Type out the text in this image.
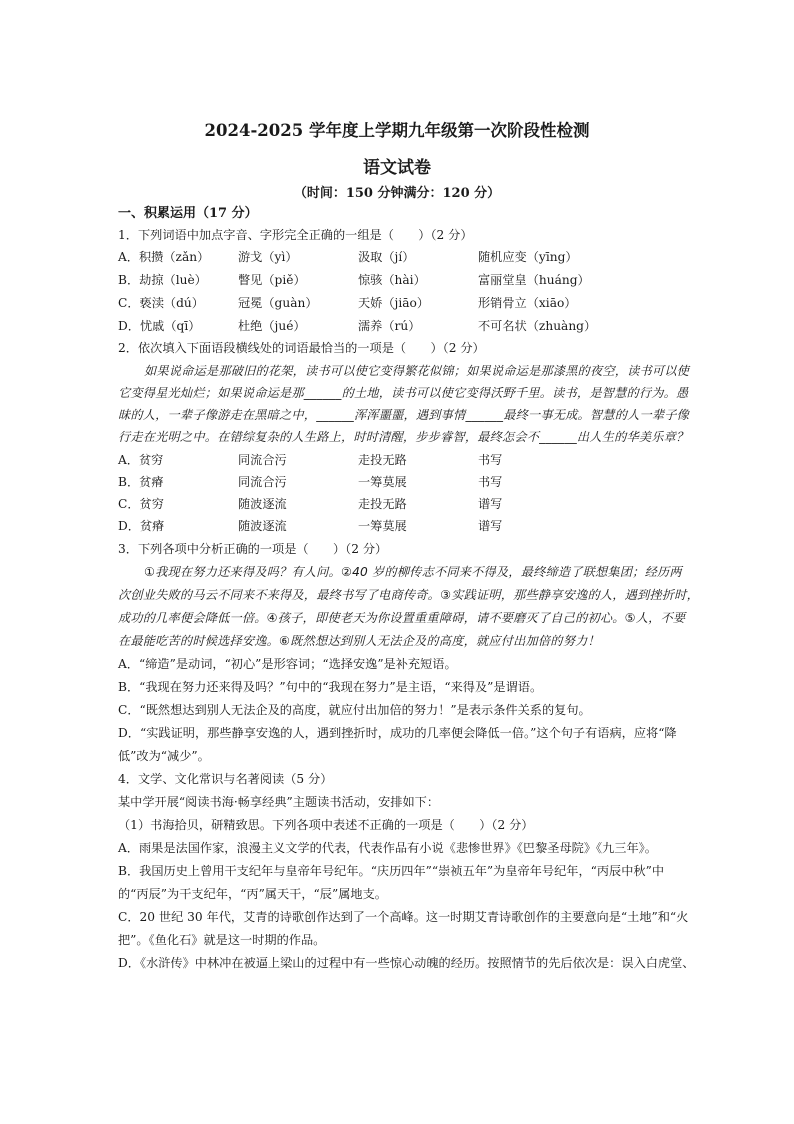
2024-2025 学年度上学期九年级第一次阶段性检测
语文试卷
（时间：150 分钟满分：120 分）
一、积累运用（17 分）
1．下列词语中加点字音、字形完全正确的一组是（　　）（2 分）
A．积攒（zǎn） 游戈（yì）	汲取（jí）	随机应变（yīng）
B．劫掠（luè）	瞥见（piě）	惊骇（hài）	富丽堂皇（huáng）
C．亵渎（dú）	冠冕（guàn）	天娇（jiāo）	形销骨立（xiāo）
D．忧戚（qī）	杜绝（jué）	濡养（rú）	不可名状（zhuàng）
2．依次填入下面语段横线处的词语最恰当的一项是（　　）（2 分）
如果说命运是那破旧的花架，读书可以使它变得繁花似锦；如果说命运是那漆黑的夜空，读书可以使
它变得星光灿烂；如果说命运是那______的土地，读书可以使它变得沃野千里。读书，是智慧的行为。愚
昧的人，一辈子像游走在黑暗之中，______浑浑噩噩，遇到事情______最终一事无成。智慧的人一辈子像
行走在光明之中。在错综复杂的人生路上，时时清醒，步步睿智，最终怎会不______出人生的华美乐章？
A．贫穷	同流合污	走投无路	书写
B．贫瘠	同流合污	一筹莫展	书写
C．贫穷	随波逐流	走投无路	谱写
D．贫瘠	随波逐流	一筹莫展	谱写
3．下列各项中分析正确的一项是（　　）（2 分）
①我现在努力还来得及吗？有人问。②40 岁的柳传志不同来不得及，最终缔造了联想集团；经历两
次创业失败的马云不同来不来得及，最终书写了电商传奇。③实践证明，那些静享安逸的人，遇到挫折时，
成功的几率便会降低一倍。④孩子，即使老天为你设置重重障碍，请不要磨灭了自己的初心。⑤人，不要
在最能吃苦的时候选择安逸。⑥既然想达到别人无法企及的高度，就应付出加倍的努力！
A．“缔造”是动词，“初心”是形容词；“选择安逸”是补充短语。
B．“我现在努力还来得及吗？”句中的“我现在努力”是主语，“来得及”是谓语。
C．“既然想达到别人无法企及的高度，就应付出加倍的努力！”是表示条件关系的复句。
D．“实践证明，那些静享安逸的人，遇到挫折时，成功的几率便会降低一倍。”这个句子有语病，应将“降
低”改为“减少”。
4．文学、文化常识与名著阅读（5 分）
某中学开展“阅读书海·畅享经典”主题读书活动，安排如下：
（1）书海拾贝，研精致思。下列各项中表述不正确的一项是（　　）（2 分）
A．雨果是法国作家，浪漫主义文学的代表，代表作品有小说《悲惨世界》《巴黎圣母院》《九三年》。
B．我国历史上曾用干支纪年与皇帝年号纪年。“庆历四年”“崇祯五年”为皇帝年号纪年，“丙辰中秋”中
的“丙辰”为干支纪年，“丙”属天干，“辰”属地支。
C．20 世纪 30 年代，艾青的诗歌创作达到了一个高峰。这一时期艾青诗歌创作的主要意向是“土地”和“火
把”。《鱼化石》就是这一时期的作品。
D．《水浒传》中林冲在被逼上梁山的过程中有一些惊心动魄的经历。按照情节的先后依次是：误入白虎堂、
